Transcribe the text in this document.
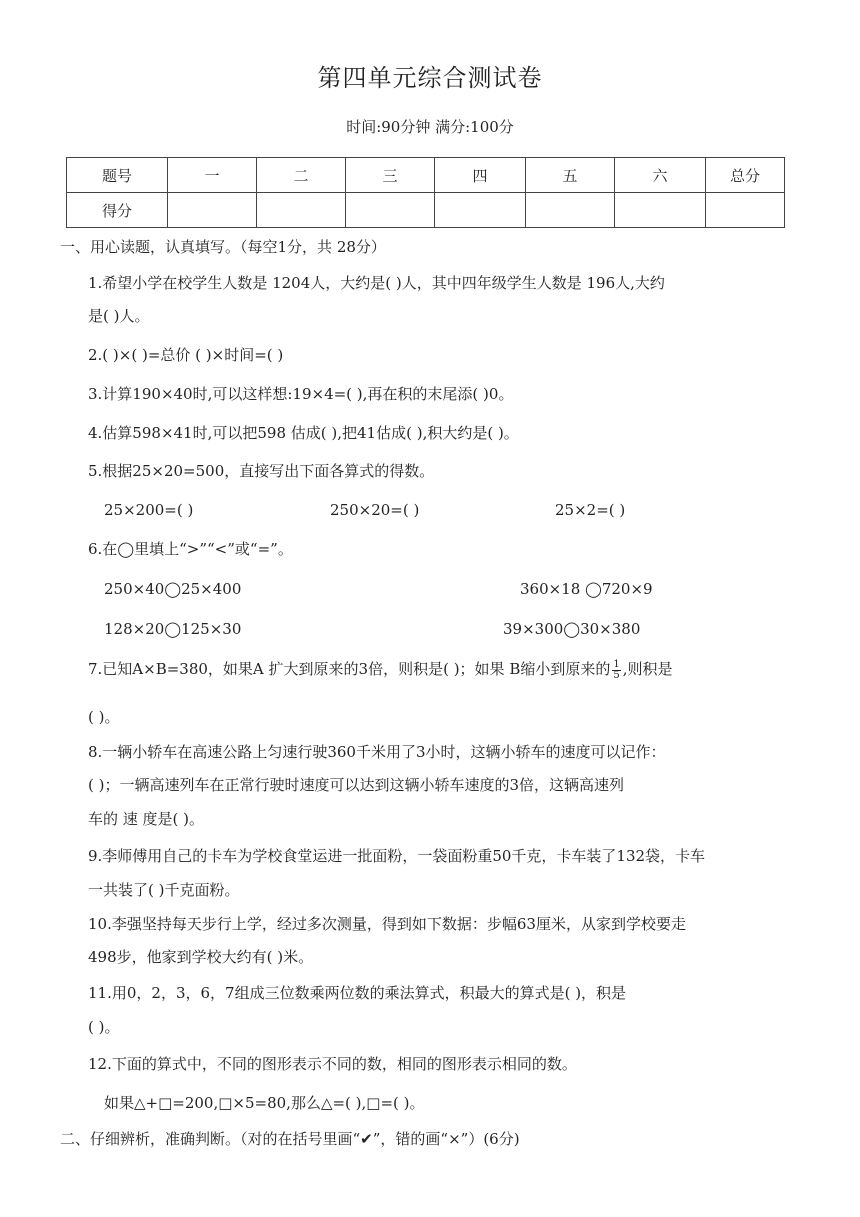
第四单元综合测试卷
时间:90分钟 满分:100分
题号	一	二	三	四	五	六	总分
得分							
一、用心读题，认真填写。（每空1分，共 28分）
1.希望小学在校学生人数是 1204人，大约是( )人，其中四年级学生人数是 196人,大约
是( )人。
2.( )×( )=总价 ( )×时间=( )
3.计算190×40时,可以这样想:19×4=( ),再在积的末尾添( )0。
4.估算598×41时,可以把598 估成( ),把41估成( ),积大约是( )。
5.根据25×20=500，直接写出下面各算式的得数。
25×200=( )	250×20=( )	25×2=( )
6.在◯里填上“>”“<”或“=”。
250×40◯25×400	360×18 ◯720×9
128×20◯125×30	39×300◯30×380
7.已知A×B=380，如果A 扩大到原来的3倍，则积是( )；如果 B缩小到原来的 $\frac{1}{5}$ ,则积是
( )。
8.一辆小轿车在高速公路上匀速行驶360千米用了3小时，这辆小轿车的速度可以记作：
( )；一辆高速列车在正常行驶时速度可以达到这辆小轿车速度的3倍，这辆高速列
车的 速 度是( )。
9.李师傅用自己的卡车为学校食堂运进一批面粉，一袋面粉重50千克，卡车装了132袋，卡车
一共装了( )千克面粉。
10.李强坚持每天步行上学，经过多次测量，得到如下数据：步幅63厘米，从家到学校要走
498步，他家到学校大约有( )米。
11.用0，2，3，6，7组成三位数乘两位数的乘法算式，积最大的算式是( )，积是
( )。
12.下面的算式中，不同的图形表示不同的数，相同的图形表示相同的数。
如果△+□=200,□×5=80,那么△=( ),□=( )。
二、仔细辨析，准确判断。（对的在括号里画“✔”，错的画“×”）(6分)
